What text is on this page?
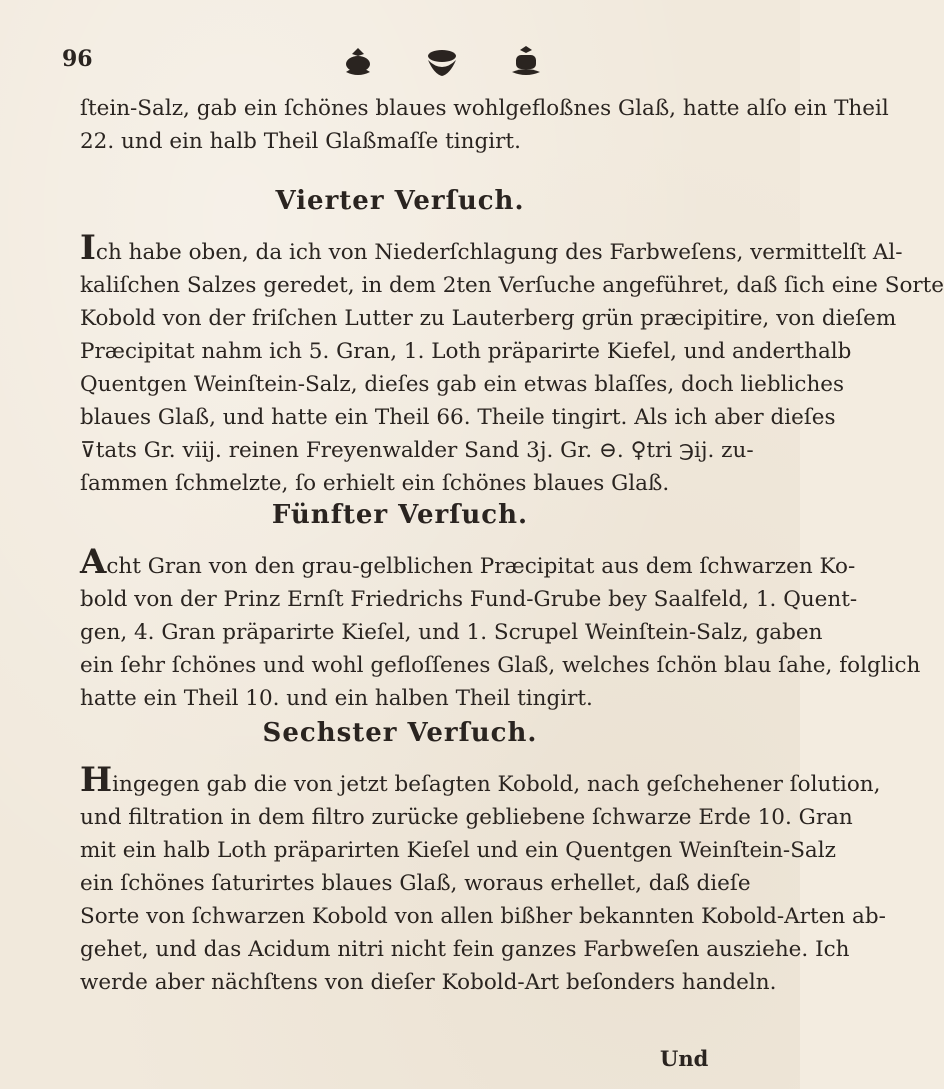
96
ſtein-Salz, gab ein ſchönes blaues wohlgefloßnes Glaß, hatte alſo ein Theil
22. und ein halb Theil Glaßmaſſe tingirt.
Vierter Verſuch.
Ich habe oben, da ich von Niederſchlagung des Farbweſens, vermittelſt Al-
kaliſchen Salzes geredet, in dem 2ten Verſuche angeführet, daß ſich eine Sorte
Kobold von der friſchen Lutter zu Lauterberg grün præcipitire, von dieſem
Præcipitat nahm ich 5. Gran, 1. Loth präparirte Kiefel, und anderthalb
Quentgen Weinſtein-Salz, dieſes gab ein etwas blaſſes, doch liebliches
blaues Glaß, und hatte ein Theil 66. Theile tingirt. Als ich aber dieſes
⊽tats Gr. viij. reinen Freyenwalder Sand 3j. Gr. ⊖. ♀tri ℈ij. zu-
ſammen ſchmelzte, ſo erhielt ein ſchönes blaues Glaß.
Fünfter Verſuch.
Acht Gran von den grau-gelblichen Præcipitat aus dem ſchwarzen Ko-
bold von der Prinz Ernſt Friedrichs Fund-Grube bey Saalfeld, 1. Quent-
gen, 4. Gran präparirte Kieſel, und 1. Scrupel Weinſtein-Salz, gaben
ein ſehr ſchönes und wohl gefloſſenes Glaß, welches ſchön blau ſahe, folglich
hatte ein Theil 10. und ein halben Theil tingirt.
Sechster Verſuch.
Hingegen gab die von jetzt beſagten Kobold, nach geſchehener ſolution,
und filtration in dem filtro zurücke gebliebene ſchwarze Erde 10. Gran
mit ein halb Loth präparirten Kieſel und ein Quentgen Weinſtein-Salz
ein ſchönes ſaturirtes blaues Glaß, woraus erhellet, daß dieſe
Sorte von ſchwarzen Kobold von allen bißher bekannten Kobold-Arten ab-
gehet, und das Acidum nitri nicht fein ganzes Farbweſen ausziehe. Ich
werde aber nächſtens von dieſer Kobold-Art beſonders handeln.
Und
